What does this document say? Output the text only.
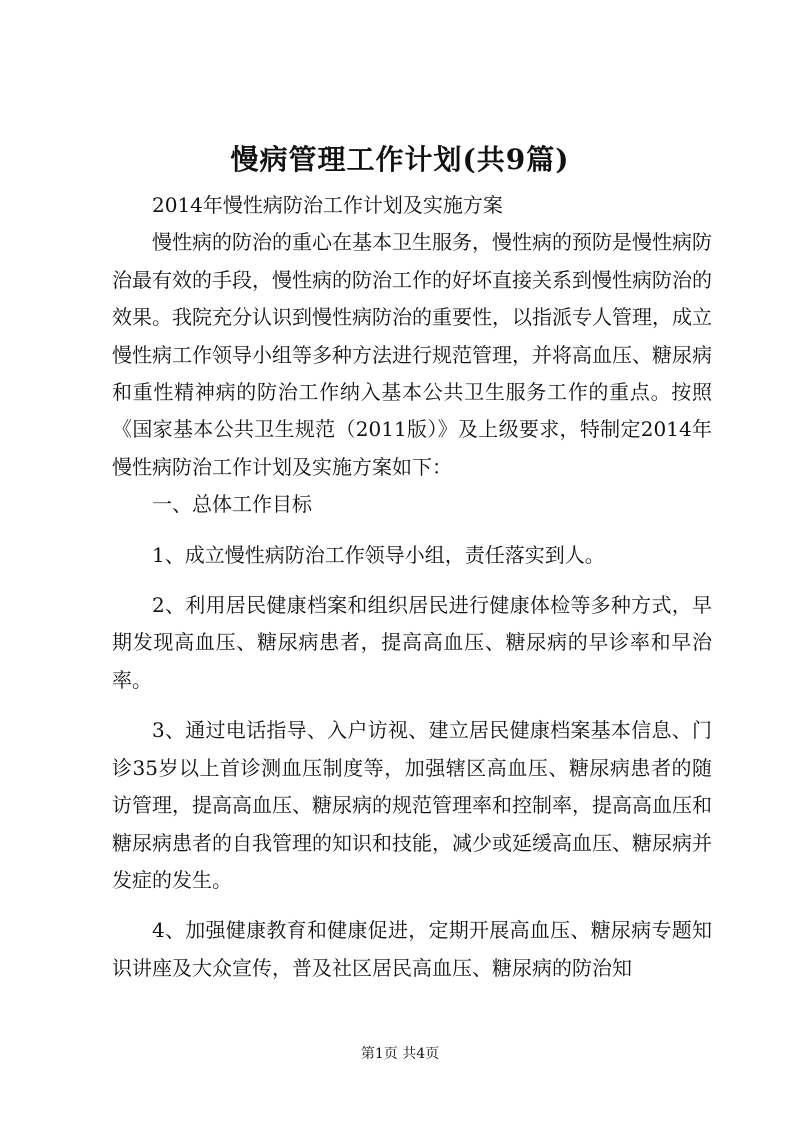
慢病管理工作计划(共9篇)

2014年慢性病防治工作计划及实施方案

慢性病的防治的重心在基本卫生服务，慢性病的预防是慢性病防治最有效的手段，慢性病的防治工作的好坏直接关系到慢性病防治的效果。我院充分认识到慢性病防治的重要性，以指派专人管理，成立慢性病工作领导小组等多种方法进行规范管理，并将高血压、糖尿病和重性精神病的防治工作纳入基本公共卫生服务工作的重点。按照《国家基本公共卫生规范（2011版）》及上级要求，特制定2014年慢性病防治工作计划及实施方案如下：

一、总体工作目标

1、成立慢性病防治工作领导小组，责任落实到人。

2、利用居民健康档案和组织居民进行健康体检等多种方式，早期发现高血压、糖尿病患者，提高高血压、糖尿病的早诊率和早治率。

3、通过电话指导、入户访视、建立居民健康档案基本信息、门诊35岁以上首诊测血压制度等，加强辖区高血压、糖尿病患者的随访管理，提高高血压、糖尿病的规范管理率和控制率，提高高血压和糖尿病患者的自我管理的知识和技能，减少或延缓高血压、糖尿病并发症的发生。

4、加强健康教育和健康促进，定期开展高血压、糖尿病专题知识讲座及大众宣传，普及社区居民高血压、糖尿病的防治知

第1页 共4页
